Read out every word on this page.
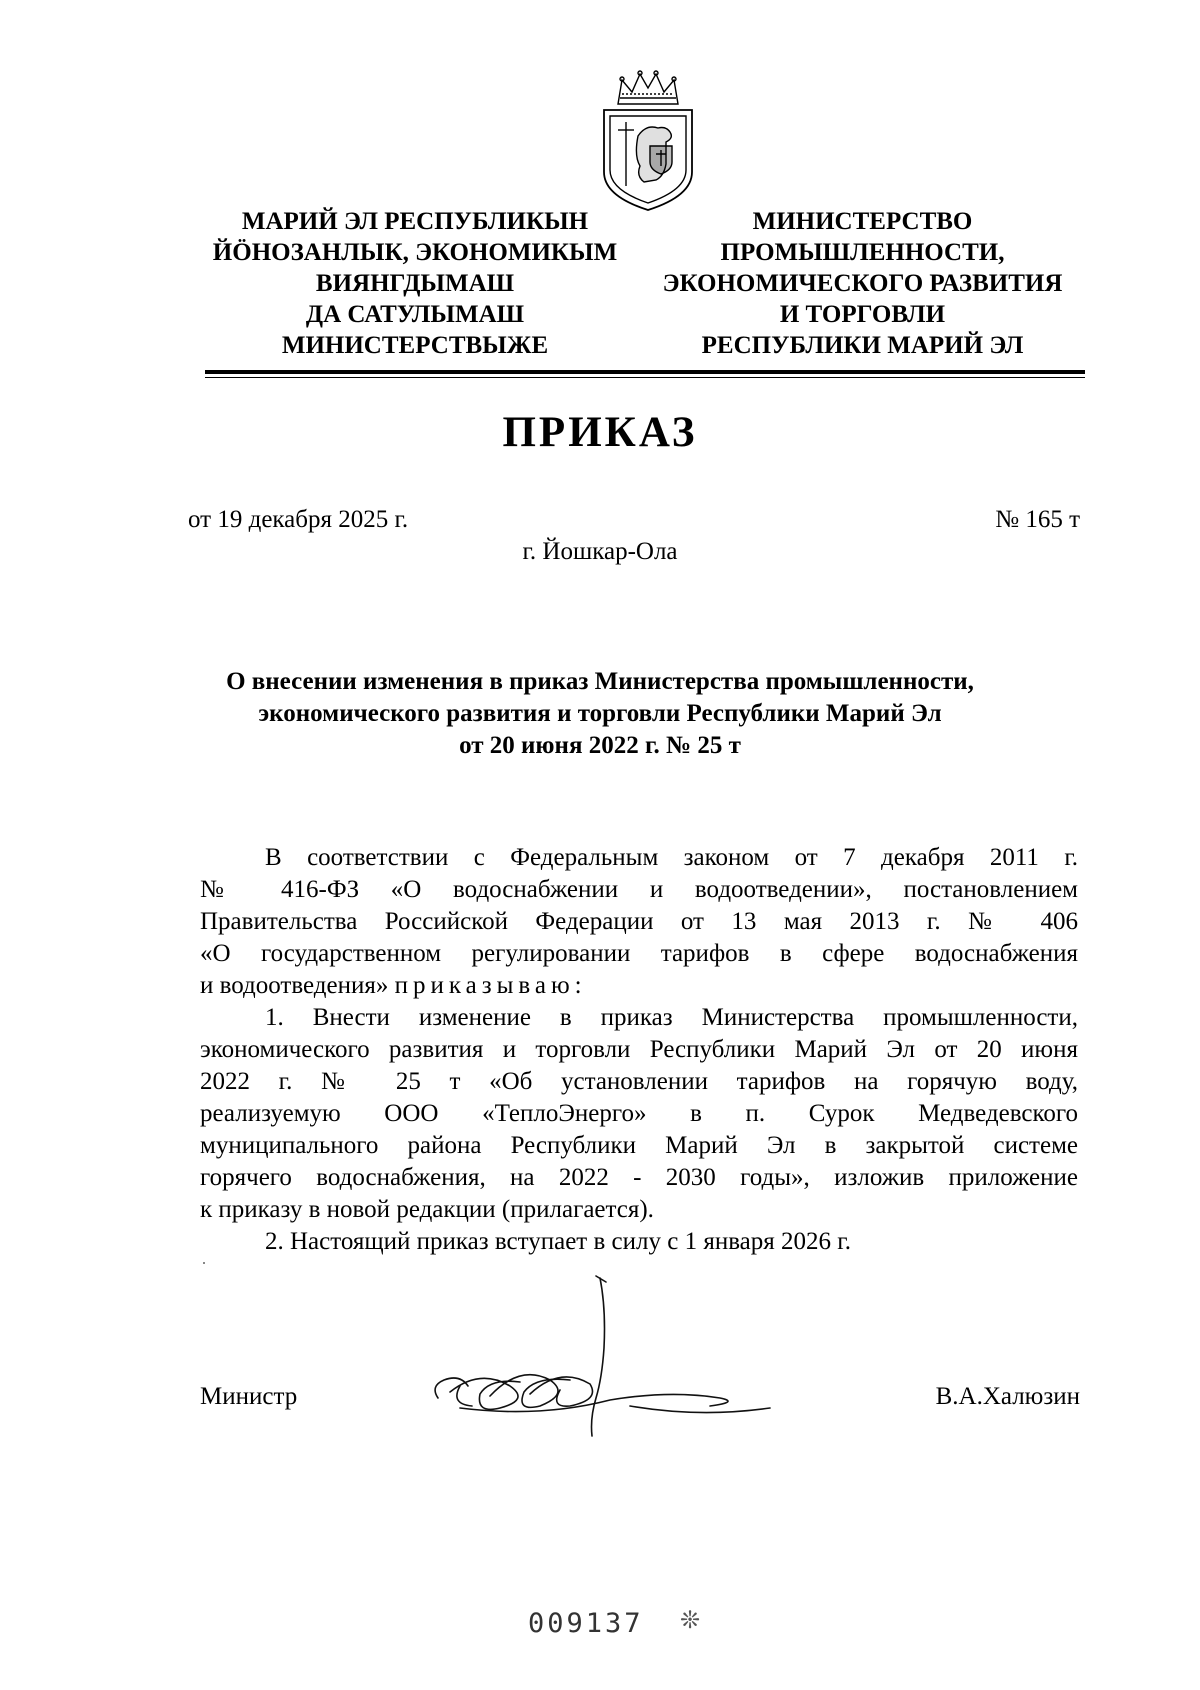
МАРИЙ ЭЛ РЕСПУБЛИКЫН
ЙӦНОЗАНЛЫК, ЭКОНОМИКЫМ
ВИЯНГДЫМАШ
ДА САТУЛЫМАШ
МИНИСТЕРСТВЫЖЕ
МИНИСТЕРСТВО
ПРОМЫШЛЕННОСТИ,
ЭКОНОМИЧЕСКОГО РАЗВИТИЯ
И ТОРГОВЛИ
РЕСПУБЛИКИ МАРИЙ ЭЛ
ПРИКАЗ
от 19 декабря 2025 г.	№ 165 т
г. Йошкар-Ола
О внесении изменения в приказ Министерства промышленности,
экономического развития и торговли Республики Марий Эл
от 20 июня 2022 г. № 25 т
В соответствии с Федеральным законом от 7 декабря 2011 г.
№ 416-ФЗ «О водоснабжении и водоотведении», постановлением
Правительства Российской Федерации от 13 мая 2013 г. № 406
«О государственном регулировании тарифов в сфере водоснабжения
и водоотведения» приказываю:
1. Внести изменение в приказ Министерства промышленности,
экономического развития и торговли Республики Марий Эл от 20 июня
2022 г. № 25 т «Об установлении тарифов на горячую воду,
реализуемую ООО «ТеплоЭнерго» в п. Сурок Медведевского
муниципального района Республики Марий Эл в закрытой системе
горячего водоснабжения, на 2022 - 2030 годы», изложив приложение
к приказу в новой редакции (прилагается).
2. Настоящий приказ вступает в силу с 1 января 2026 г.
Министр	В.А.Халюзин
009137 ❊
